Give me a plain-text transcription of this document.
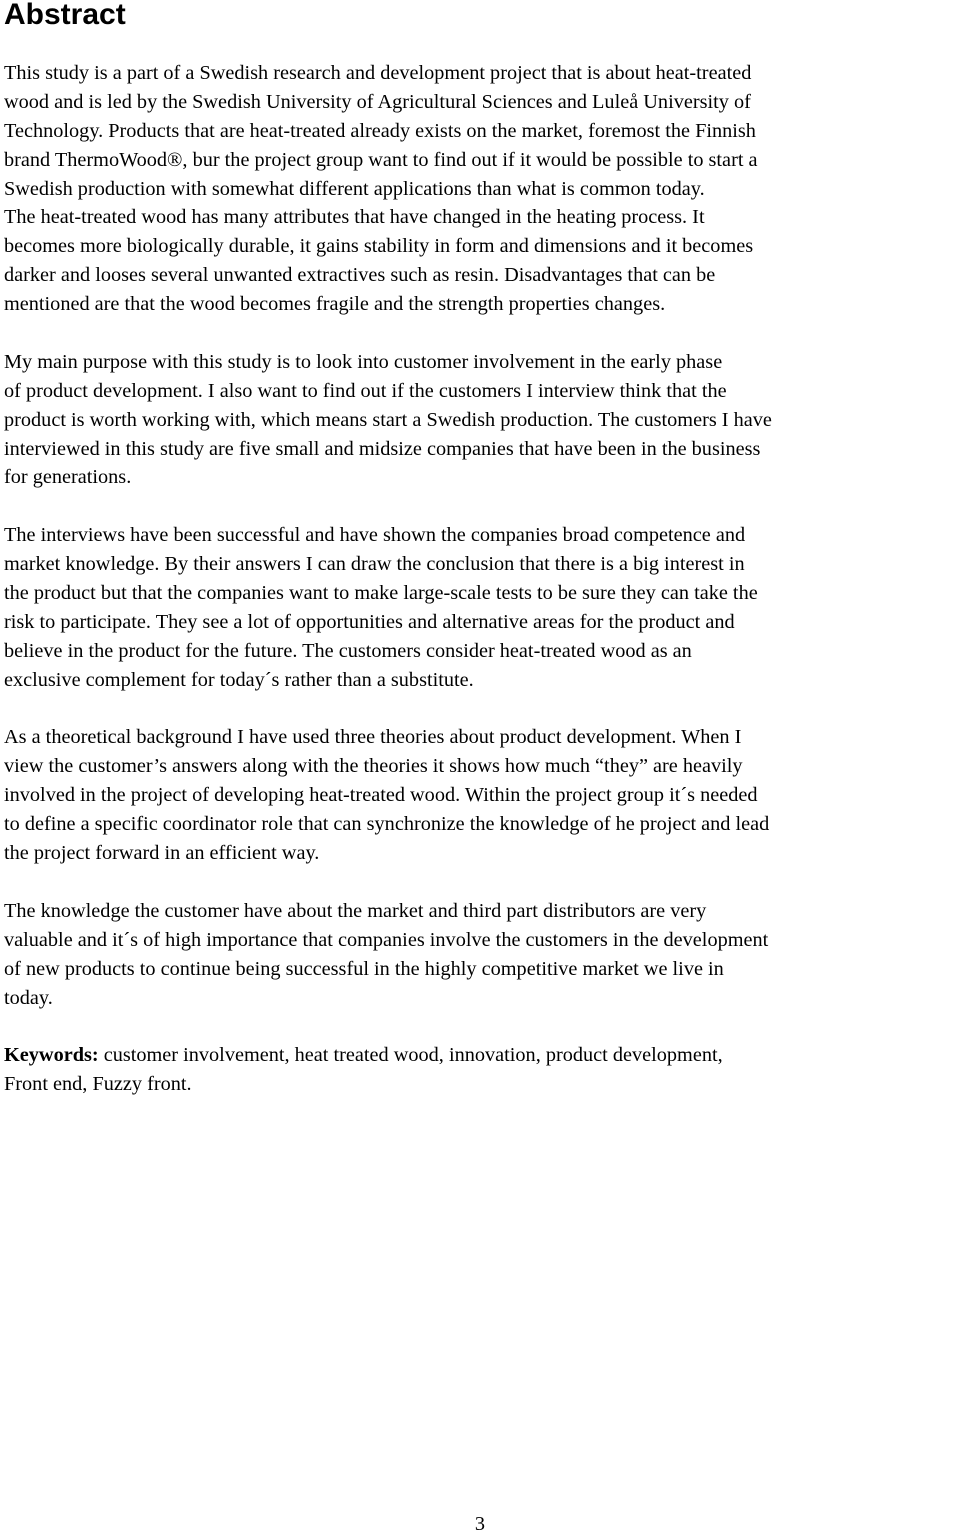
Abstract
This study is a part of a Swedish research and development project that is about heat-treated
wood and is led by the Swedish University of Agricultural Sciences and Luleå University of
Technology. Products that are heat-treated already exists on the market, foremost the Finnish
brand ThermoWood®, bur the project group want to find out if it would be possible to start a
Swedish production with somewhat different applications than what is common today.
The heat-treated wood has many attributes that have changed in the heating process. It
becomes more biologically durable, it gains stability in form and dimensions and it becomes
darker and looses several unwanted extractives such as resin. Disadvantages that can be
mentioned are that the wood becomes fragile and the strength properties changes.
My main purpose with this study is to look into customer involvement in the early phase
of product development. I also want to find out if the customers I interview think that the
product is worth working with, which means start a Swedish production. The customers I have
interviewed in this study are five small and midsize companies that have been in the business
for generations.
The interviews have been successful and have shown the companies broad competence and
market knowledge. By their answers I can draw the conclusion that there is a big interest in
the product but that the companies want to make large-scale tests to be sure they can take the
risk to participate. They see a lot of opportunities and alternative areas for the product and
believe in the product for the future. The customers consider heat-treated wood as an
exclusive complement for today´s rather than a substitute.
As a theoretical background I have used three theories about product development. When I
view the customer’s answers along with the theories it shows how much “they” are heavily
involved in the project of developing heat-treated wood. Within the project group it´s needed
to define a specific coordinator role that can synchronize the knowledge of he project and lead
the project forward in an efficient way.
The knowledge the customer have about the market and third part distributors are very
valuable and it´s of high importance that companies involve the customers in the development
of new products to continue being successful in the highly competitive market we live in
today.
Keywords: customer involvement, heat treated wood, innovation, product development,
Front end, Fuzzy front.
3
